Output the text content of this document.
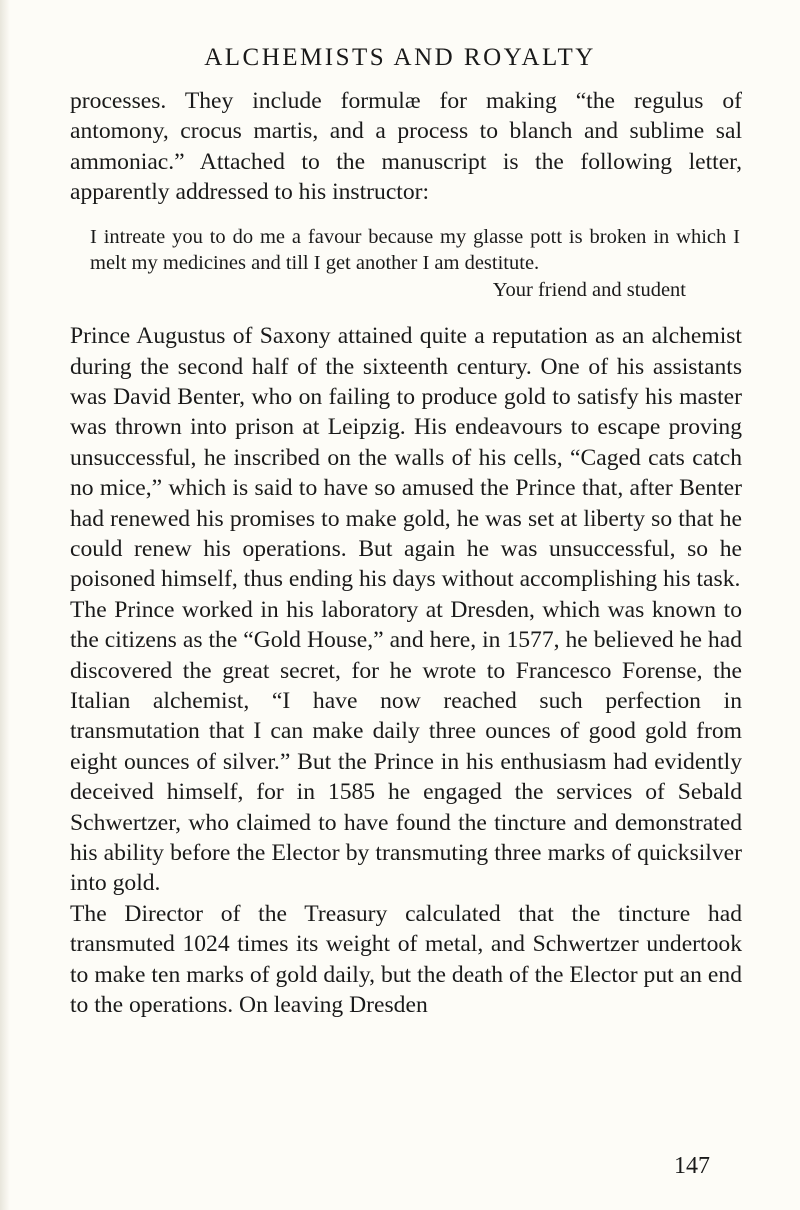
ALCHEMISTS AND ROYALTY

processes. They include formulæ for making “the regulus of antomony, crocus martis, and a process to blanch and sublime sal ammoniac.” Attached to the manuscript is the following letter, apparently addressed to his instructor:

I intreate you to do me a favour because my glasse pott is broken in which I melt my medicines and till I get another I am destitute.
Your friend and student

Prince Augustus of Saxony attained quite a reputation as an alchemist during the second half of the sixteenth century. One of his assistants was David Benter, who on failing to produce gold to satisfy his master was thrown into prison at Leipzig. His endeavours to escape proving unsuccessful, he inscribed on the walls of his cells, “Caged cats catch no mice,” which is said to have so amused the Prince that, after Benter had renewed his promises to make gold, he was set at liberty so that he could renew his operations. But again he was unsuccessful, so he poisoned himself, thus ending his days without accomplishing his task.

The Prince worked in his laboratory at Dresden, which was known to the citizens as the “Gold House,” and here, in 1577, he believed he had discovered the great secret, for he wrote to Francesco Forense, the Italian alchemist, “I have now reached such perfection in transmutation that I can make daily three ounces of good gold from eight ounces of silver.” But the Prince in his enthusiasm had evidently deceived himself, for in 1585 he engaged the services of Sebald Schwertzer, who claimed to have found the tincture and demonstrated his ability before the Elector by transmuting three marks of quicksilver into gold.

The Director of the Treasury calculated that the tincture had transmuted 1024 times its weight of metal, and Schwertzer undertook to make ten marks of gold daily, but the death of the Elector put an end to the operations. On leaving Dresden

147
